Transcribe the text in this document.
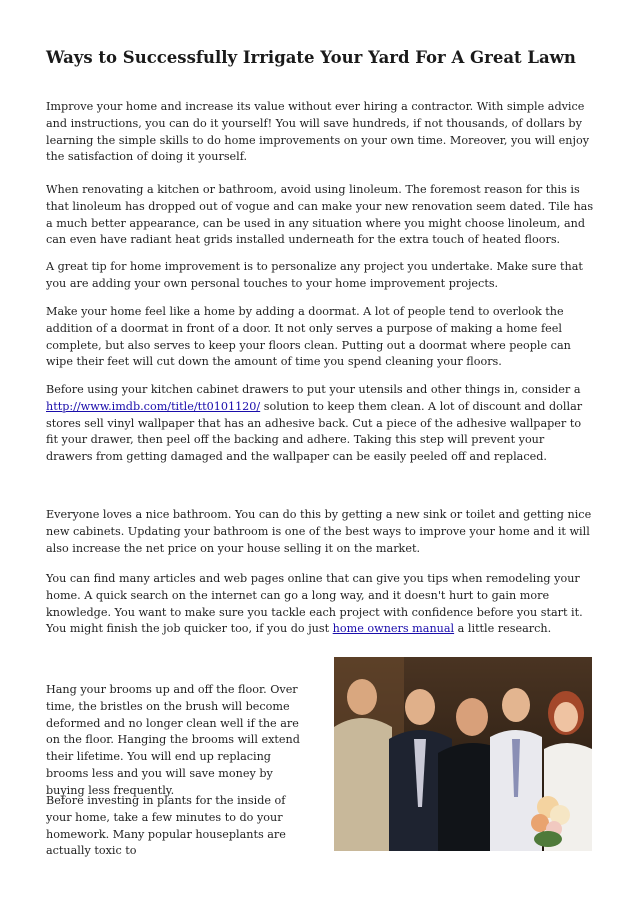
Ways to Successfully Irrigate Your Yard For A Great Lawn

Improve your home and increase its value without ever hiring a contractor. With simple advice and instructions, you can do it yourself! You will save hundreds, if not thousands, of dollars by learning the simple skills to do home improvements on your own time. Moreover, you will enjoy the satisfaction of doing it yourself.

When renovating a kitchen or bathroom, avoid using linoleum. The foremost reason for this is that linoleum has dropped out of vogue and can make your new renovation seem dated. Tile has a much better appearance, can be used in any situation where you might choose linoleum, and can even have radiant heat grids installed underneath for the extra touch of heated floors.

A great tip for home improvement is to personalize any project you undertake. Make sure that you are adding your own personal touches to your home improvement projects.

Make your home feel like a home by adding a doormat. A lot of people tend to overlook the addition of a doormat in front of a door. It not only serves a purpose of making a home feel complete, but also serves to keep your floors clean. Putting out a doormat where people can wipe their feet will cut down the amount of time you spend cleaning your floors.

Before using your kitchen cabinet drawers to put your utensils and other things in, consider a http://www.imdb.com/title/tt0101120/ solution to keep them clean. A lot of discount and dollar stores sell vinyl wallpaper that has an adhesive back. Cut a piece of the adhesive wallpaper to fit your drawer, then peel off the backing and adhere. Taking this step will prevent your drawers from getting damaged and the wallpaper can be easily peeled off and replaced.

Everyone loves a nice bathroom. You can do this by getting a new sink or toilet and getting nice new cabinets. Updating your bathroom is one of the best ways to improve your home and it will also increase the net price on your house selling it on the market.

You can find many articles and web pages online that can give you tips when remodeling your home. A quick search on the internet can go a long way, and it doesn't hurt to gain more knowledge. You want to make sure you tackle each project with confidence before you start it. You might finish the job quicker too, if you do just home owners manual a little research.

Hang your brooms up and off the floor. Over time, the bristles on the brush will become deformed and no longer clean well if the are on the floor. Hanging the brooms will extend their lifetime. You will end up replacing brooms less and you will save money by buying less frequently.

Before investing in plants for the inside of your home, take a few minutes to do your homework. Many popular houseplants are actually toxic to
